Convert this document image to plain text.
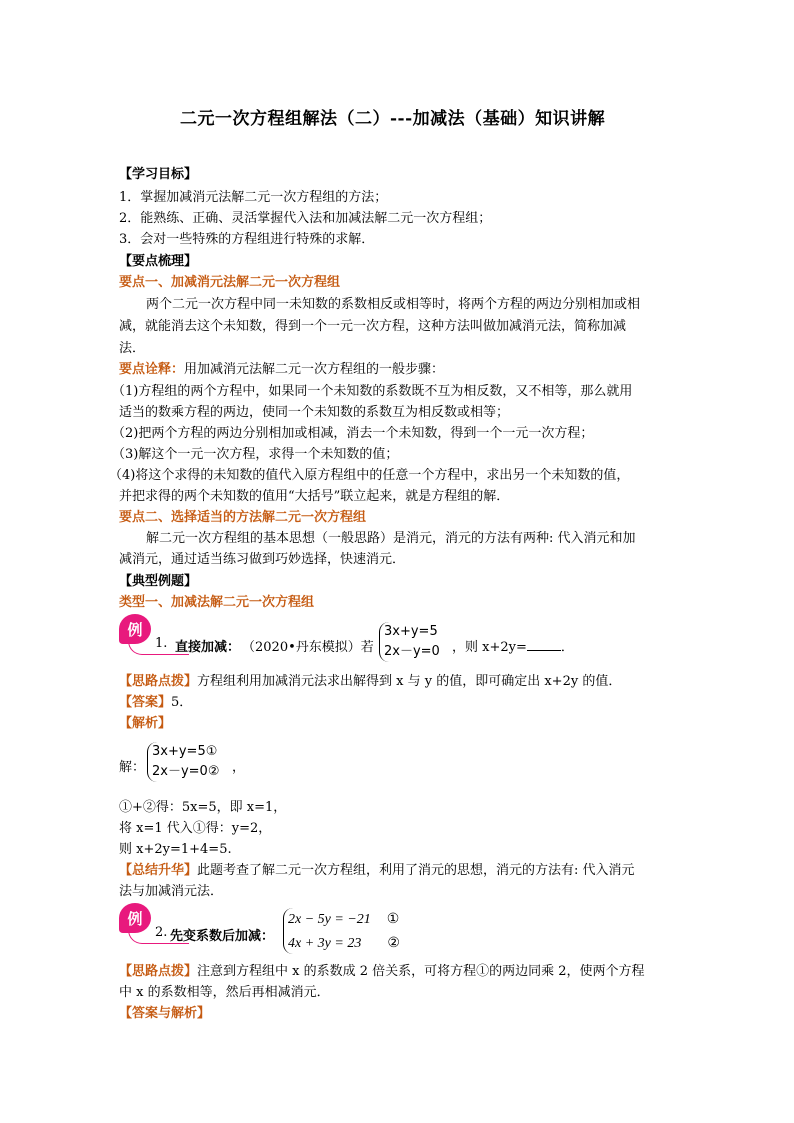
二元一次方程组解法（二）---加减法（基础）知识讲解
【学习目标】
1．掌握加减消元法解二元一次方程组的方法；
2．能熟练、正确、灵活掌握代入法和加减法解二元一次方程组；
3．会对一些特殊的方程组进行特殊的求解．
【要点梳理】
要点一、加减消元法解二元一次方程组
两个二元一次方程中同一未知数的系数相反或相等时，将两个方程的两边分别相加或相
减，就能消去这个未知数，得到一个一元一次方程，这种方法叫做加减消元法，简称加减
法．
要点诠释：用加减消元法解二元一次方程组的一般步骤：
（1)方程组的两个方程中，如果同一个未知数的系数既不互为相反数，又不相等，那么就用
适当的数乘方程的两边，使同一个未知数的系数互为相反数或相等；
（2)把两个方程的两边分别相加或相减，消去一个未知数，得到一个一元一次方程；
（3)解这个一元一次方程，求得一个未知数的值；
（4)将这个求得的未知数的值代入原方程组中的任意一个方程中，求出另一个未知数的值，
并把求得的两个未知数的值用“大括号”联立起来，就是方程组的解．
要点二、选择适当的方法解二元一次方程组
解二元一次方程组的基本思想（一般思路）是消元，消元的方法有两种: 代入消元和加
减消元，通过适当练习做到巧妙选择，快速消元．
【典型例题】
类型一、加减法解二元一次方程组
例
1. 直接加减： （2020•丹东模拟）若
3x+y=5
2x－y=0 ，则 x+2y=	．
【思路点拨】方程组利用加减消元法求出解得到 x 与 y 的值，即可确定出 x+2y 的值．
【答案】5．
【解析】
解：
3x+y=5①
2x－y=0② ，
①+②得：5x=5，即 x=1，
将 x=1 代入①得：y=2，
则 x+2y=1+4=5.
【总结升华】此题考查了解二元一次方程组，利用了消元的思想，消元的方法有: 代入消元
法与加减消元法．
例
2. 先变系数后加减：
2x − 5y = −21 ①
4x + 3y = 23 ②
【思路点拨】注意到方程组中 x 的系数成 2 倍关系，可将方程①的两边同乘 2，使两个方程
中 x 的系数相等，然后再相减消元．
【答案与解析】
